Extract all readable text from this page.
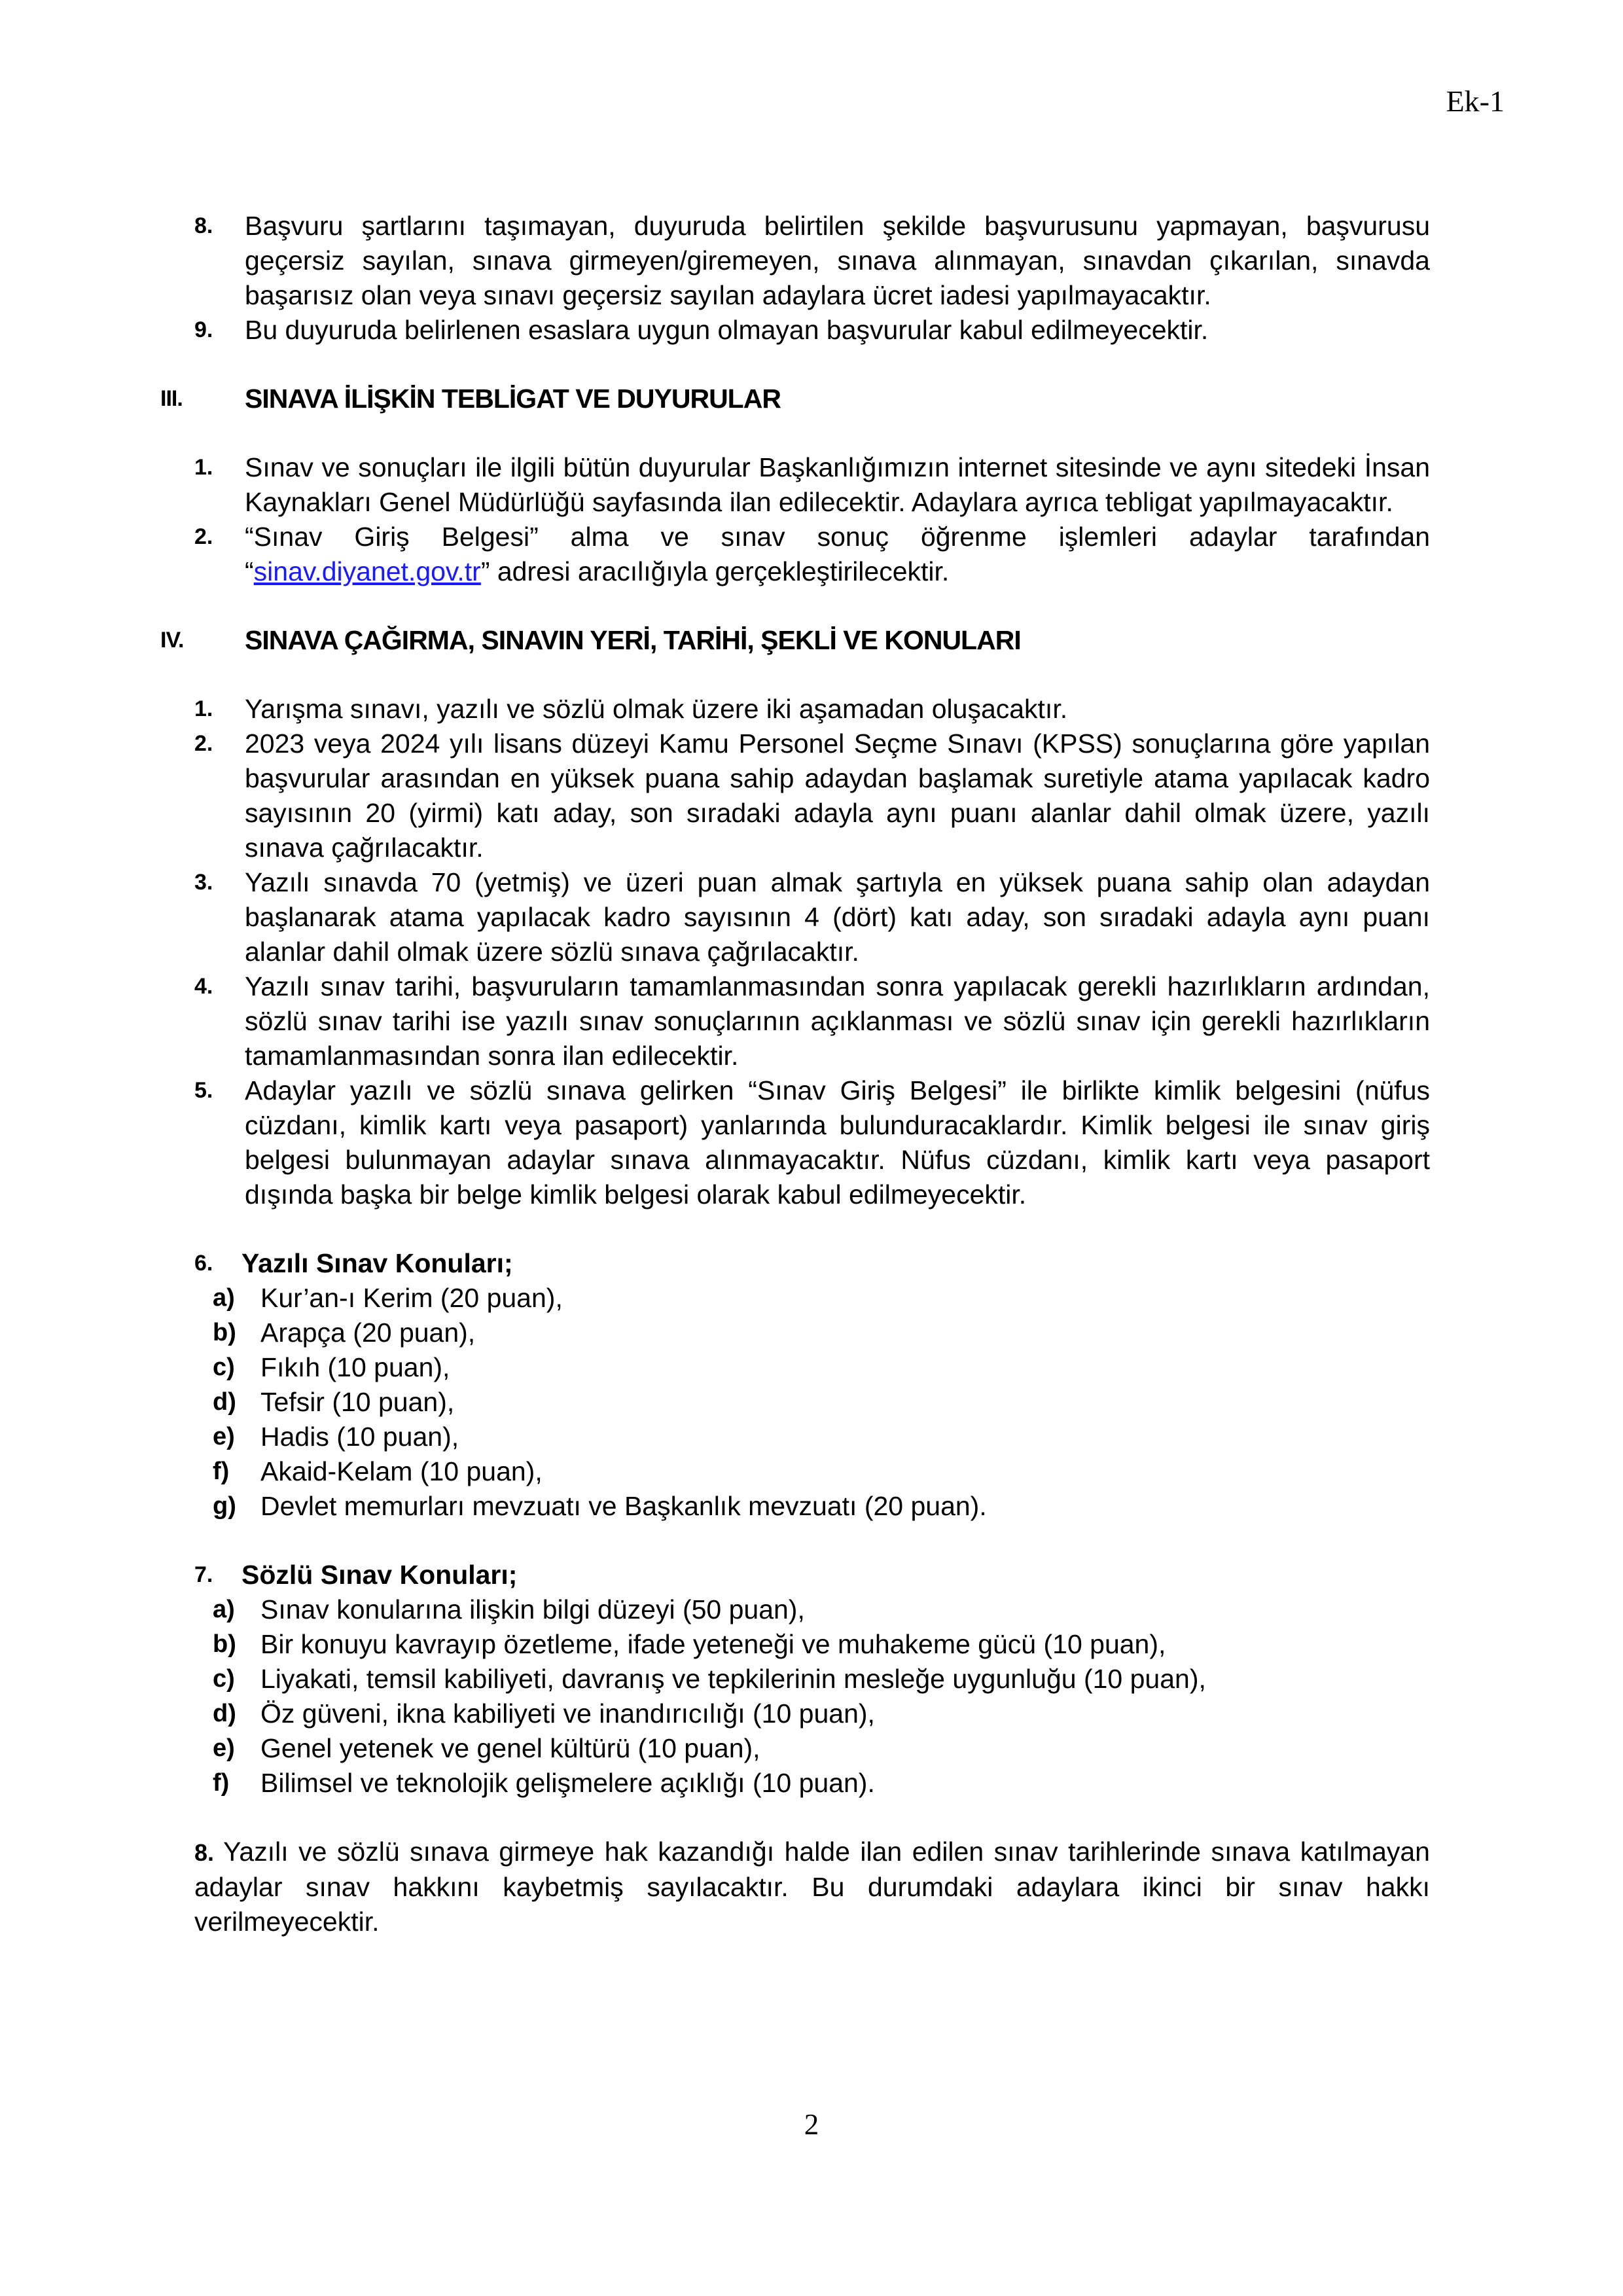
Ek-1
8. Başvuru şartlarını taşımayan, duyuruda belirtilen şekilde başvurusunu yapmayan, başvurusu geçersiz sayılan, sınava girmeyen/giremeyen, sınava alınmayan, sınavdan çıkarılan, sınavda başarısız olan veya sınavı geçersiz sayılan adaylara ücret iadesi yapılmayacaktır.
9. Bu duyuruda belirlenen esaslara uygun olmayan başvurular kabul edilmeyecektir.
III. SINAVA İLİŞKİN TEBLİGAT VE DUYURULAR
1. Sınav ve sonuçları ile ilgili bütün duyurular Başkanlığımızın internet sitesinde ve aynı sitedeki İnsan Kaynakları Genel Müdürlüğü sayfasında ilan edilecektir. Adaylara ayrıca tebligat yapılmayacaktır.
2. “Sınav Giriş Belgesi” alma ve sınav sonuç öğrenme işlemleri adaylar tarafından “sinav.diyanet.gov.tr” adresi aracılığıyla gerçekleştirilecektir.
IV. SINAVA ÇAĞIRMA, SINAVIN YERİ, TARİHİ, ŞEKLİ VE KONULARI
1. Yarışma sınavı, yazılı ve sözlü olmak üzere iki aşamadan oluşacaktır.
2. 2023 veya 2024 yılı lisans düzeyi Kamu Personel Seçme Sınavı (KPSS) sonuçlarına göre yapılan başvurular arasından en yüksek puana sahip adaydan başlamak suretiyle atama yapılacak kadro sayısının 20 (yirmi) katı aday, son sıradaki adayla aynı puanı alanlar dahil olmak üzere, yazılı sınava çağrılacaktır.
3. Yazılı sınavda 70 (yetmiş) ve üzeri puan almak şartıyla en yüksek puana sahip olan adaydan başlanarak atama yapılacak kadro sayısının 4 (dört) katı aday, son sıradaki adayla aynı puanı alanlar dahil olmak üzere sözlü sınava çağrılacaktır.
4. Yazılı sınav tarihi, başvuruların tamamlanmasından sonra yapılacak gerekli hazırlıkların ardından, sözlü sınav tarihi ise yazılı sınav sonuçlarının açıklanması ve sözlü sınav için gerekli hazırlıkların tamamlanmasından sonra ilan edilecektir.
5. Adaylar yazılı ve sözlü sınava gelirken “Sınav Giriş Belgesi” ile birlikte kimlik belgesini (nüfus cüzdanı, kimlik kartı veya pasaport) yanlarında bulunduracaklardır. Kimlik belgesi ile sınav giriş belgesi bulunmayan adaylar sınava alınmayacaktır. Nüfus cüzdanı, kimlik kartı veya pasaport dışında başka bir belge kimlik belgesi olarak kabul edilmeyecektir.
6. Yazılı Sınav Konuları;
a) Kur’an-ı Kerim (20 puan),
b) Arapça (20 puan),
c) Fıkıh (10 puan),
d) Tefsir (10 puan),
e) Hadis (10 puan),
f) Akaid-Kelam (10 puan),
g) Devlet memurları mevzuatı ve Başkanlık mevzuatı (20 puan).
7. Sözlü Sınav Konuları;
a) Sınav konularına ilişkin bilgi düzeyi (50 puan),
b) Bir konuyu kavrayıp özetleme, ifade yeteneği ve muhakeme gücü (10 puan),
c) Liyakati, temsil kabiliyeti, davranış ve tepkilerinin mesleğe uygunluğu (10 puan),
d) Öz güveni, ikna kabiliyeti ve inandırıcılığı (10 puan),
e) Genel yetenek ve genel kültürü (10 puan),
f) Bilimsel ve teknolojik gelişmelere açıklığı (10 puan).
8. Yazılı ve sözlü sınava girmeye hak kazandığı halde ilan edilen sınav tarihlerinde sınava katılmayan adaylar sınav hakkını kaybetmiş sayılacaktır. Bu durumdaki adaylara ikinci bir sınav hakkı verilmeyecektir.
2
